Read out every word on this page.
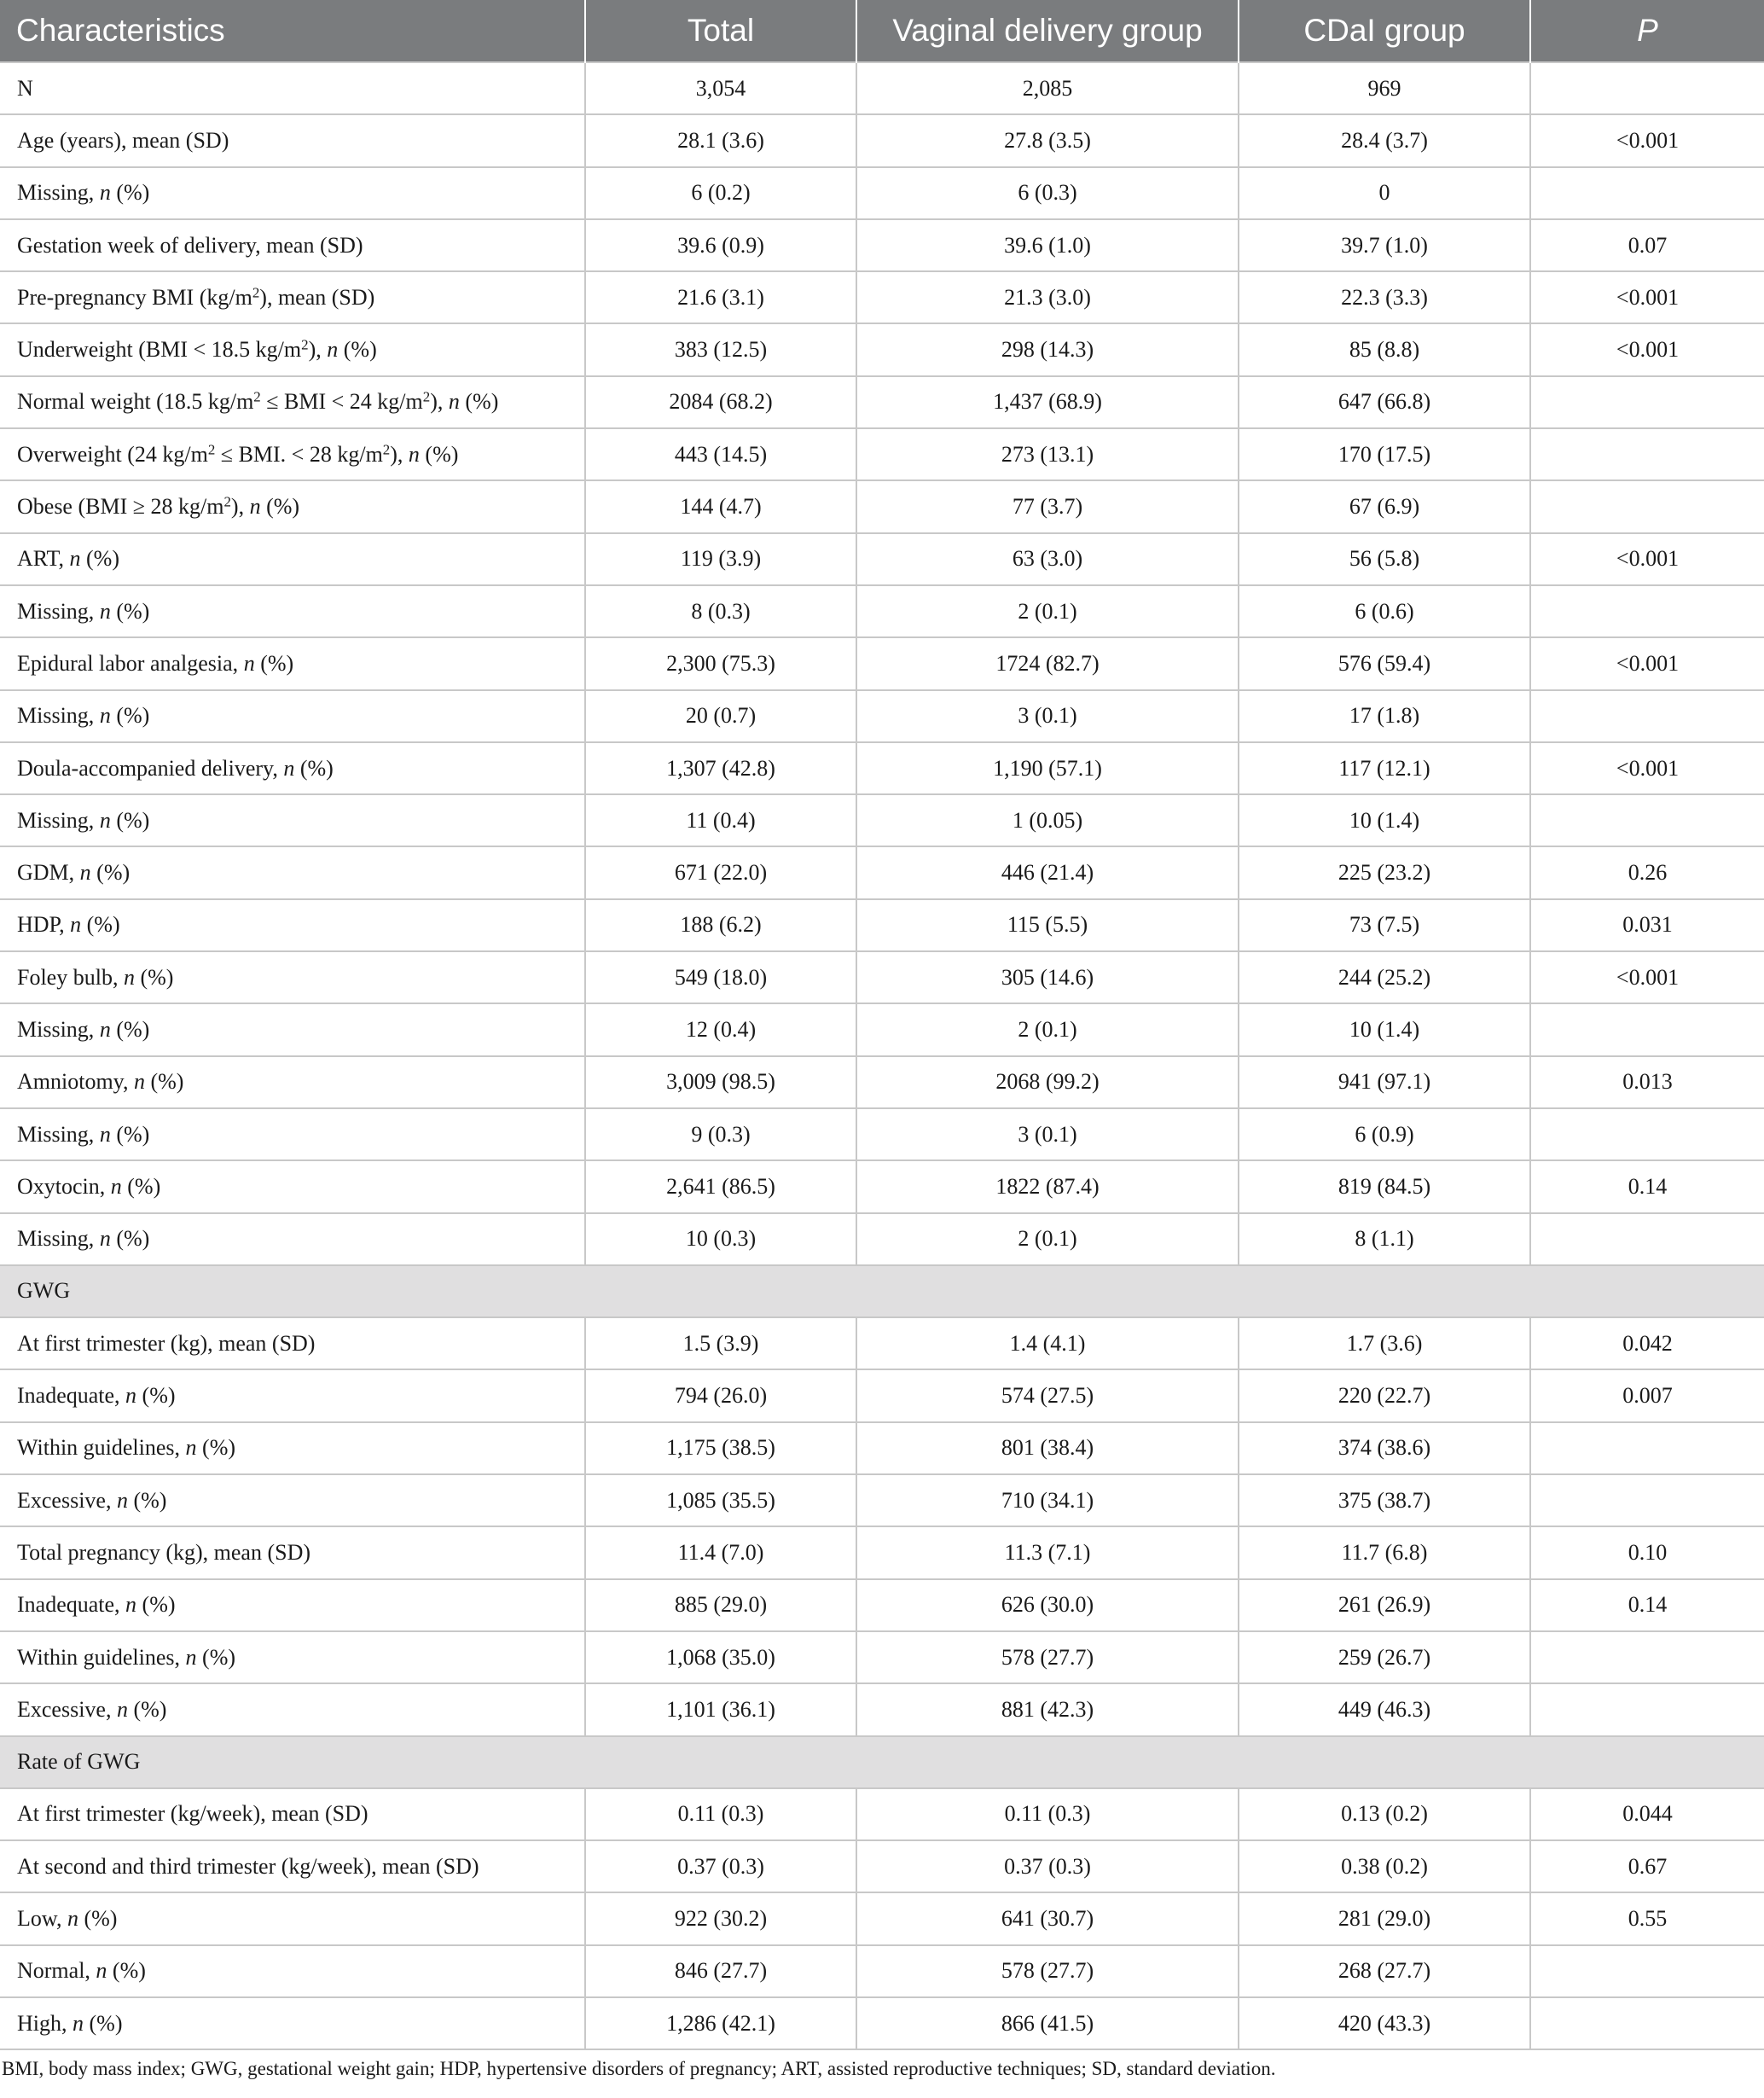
Characteristics	Total	Vaginal delivery group	CDaI group	P
N	3,054	2,085	969	
Age (years), mean (SD)	28.1 (3.6)	27.8 (3.5)	28.4 (3.7)	<0.001
Missing, n (%)	6 (0.2)	6 (0.3)	0	
Gestation week of delivery, mean (SD)	39.6 (0.9)	39.6 (1.0)	39.7 (1.0)	0.07
Pre-pregnancy BMI $(kg/m^2)$, mean (SD)	21.6 (3.1)	21.3 (3.0)	22.3 (3.3)	<0.001
Underweight (BMI < 18.5 $kg/m^2$), n (%)	383 (12.5)	298 (14.3)	85 (8.8)	<0.001
Normal weight (18.5 $kg/m^2$ ≤ BMI < 24 $kg/m^2$), n (%)	2084 (68.2)	1,437 (68.9)	647 (66.8)	
Overweight (24 $kg/m^2$ ≤ BMI. < 28 $kg/m^2$), n (%)	443 (14.5)	273 (13.1)	170 (17.5)	
Obese (BMI ≥ 28 $kg/m^2$), n (%)	144 (4.7)	77 (3.7)	67 (6.9)	
ART, n (%)	119 (3.9)	63 (3.0)	56 (5.8)	<0.001
Missing, n (%)	8 (0.3)	2 (0.1)	6 (0.6)	
Epidural labor analgesia, n (%)	2,300 (75.3)	1724 (82.7)	576 (59.4)	<0.001
Missing, n (%)	20 (0.7)	3 (0.1)	17 (1.8)	
Doula-accompanied delivery, n (%)	1,307 (42.8)	1,190 (57.1)	117 (12.1)	<0.001
Missing, n (%)	11 (0.4)	1 (0.05)	10 (1.4)	
GDM, n (%)	671 (22.0)	446 (21.4)	225 (23.2)	0.26
HDP, n (%)	188 (6.2)	115 (5.5)	73 (7.5)	0.031
Foley bulb, n (%)	549 (18.0)	305 (14.6)	244 (25.2)	<0.001
Missing, n (%)	12 (0.4)	2 (0.1)	10 (1.4)	
Amniotomy, n (%)	3,009 (98.5)	2068 (99.2)	941 (97.1)	0.013
Missing, n (%)	9 (0.3)	3 (0.1)	6 (0.9)	
Oxytocin, n (%)	2,641 (86.5)	1822 (87.4)	819 (84.5)	0.14
Missing, n (%)	10 (0.3)	2 (0.1)	8 (1.1)	
GWG				
At first trimester (kg), mean (SD)	1.5 (3.9)	1.4 (4.1)	1.7 (3.6)	0.042
Inadequate, n (%)	794 (26.0)	574 (27.5)	220 (22.7)	0.007
Within guidelines, n (%)	1,175 (38.5)	801 (38.4)	374 (38.6)	
Excessive, n (%)	1,085 (35.5)	710 (34.1)	375 (38.7)	
Total pregnancy (kg), mean (SD)	11.4 (7.0)	11.3 (7.1)	11.7 (6.8)	0.10
Inadequate, n (%)	885 (29.0)	626 (30.0)	261 (26.9)	0.14
Within guidelines, n (%)	1,068 (35.0)	578 (27.7)	259 (26.7)	
Excessive, n (%)	1,101 (36.1)	881 (42.3)	449 (46.3)	
Rate of GWG				
At first trimester (kg/week), mean (SD)	0.11 (0.3)	0.11 (0.3)	0.13 (0.2)	0.044
At second and third trimester (kg/week), mean (SD)	0.37 (0.3)	0.37 (0.3)	0.38 (0.2)	0.67
Low, n (%)	922 (30.2)	641 (30.7)	281 (29.0)	0.55
Normal, n (%)	846 (27.7)	578 (27.7)	268 (27.7)	
High, n (%)	1,286 (42.1)	866 (41.5)	420 (43.3)	
BMI, body mass index; GWG, gestational weight gain; HDP, hypertensive disorders of pregnancy; ART, assisted reproductive techniques; SD, standard deviation.
